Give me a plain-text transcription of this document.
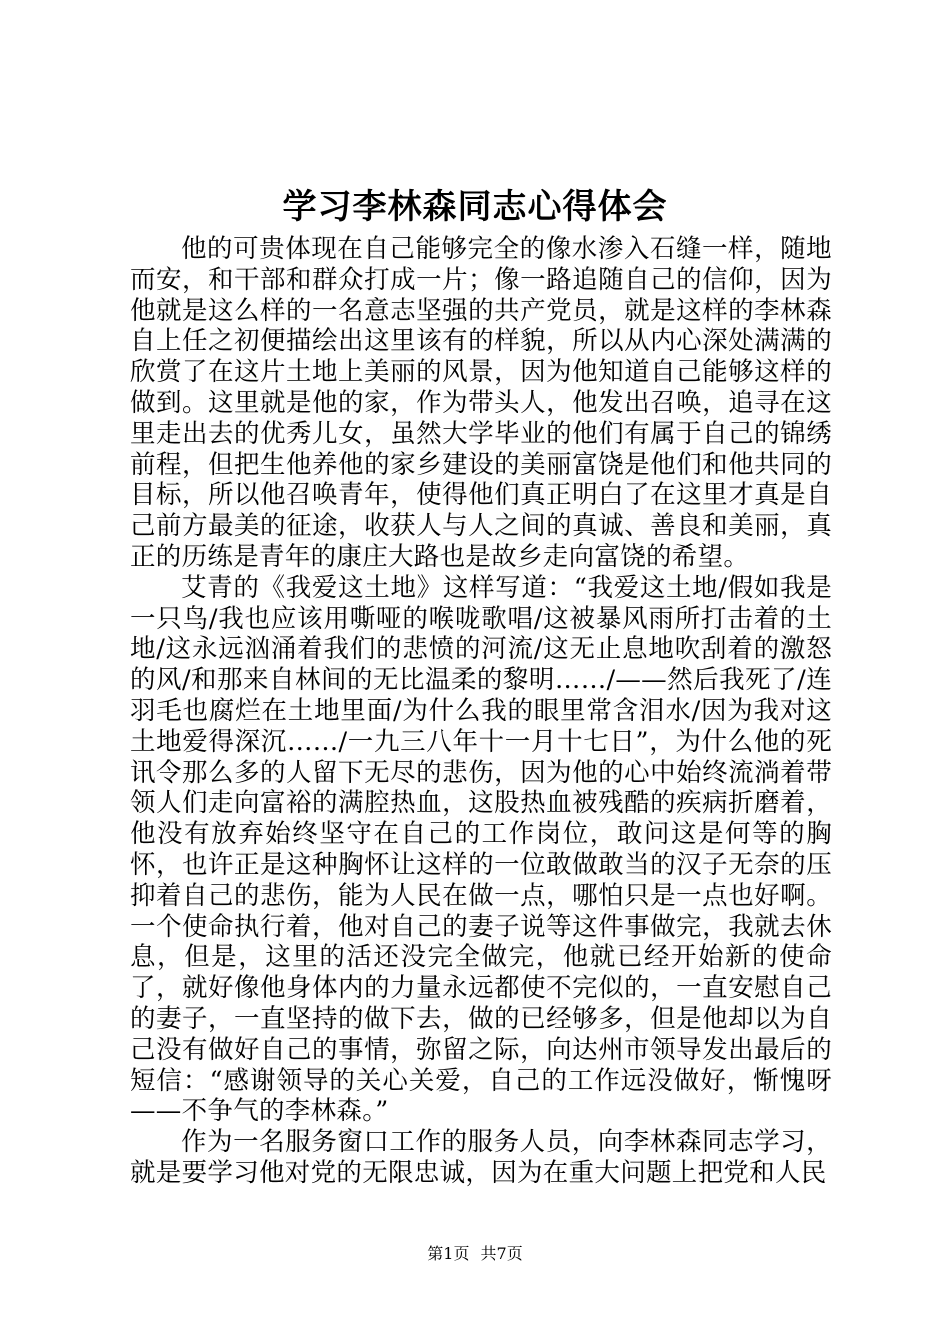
学习李林森同志心得体会

他的可贵体现在自己能够完全的像水渗入石缝一样，随地而安，和干部和群众打成一片；像一路追随自己的信仰，因为他就是这么样的一名意志坚强的共产党员，就是这样的李林森自上任之初便描绘出这里该有的样貌，所以从内心深处满满的欣赏了在这片土地上美丽的风景，因为他知道自己能够这样的做到。这里就是他的家，作为带头人，他发出召唤，追寻在这里走出去的优秀儿女，虽然大学毕业的他们有属于自己的锦绣前程，但把生他养他的家乡建设的美丽富饶是他们和他共同的目标，所以他召唤青年，使得他们真正明白了在这里才真是自己前方最美的征途，收获人与人之间的真诚、善良和美丽，真正的历练是青年的康庄大路也是故乡走向富饶的希望。

艾青的《我爱这土地》这样写道：“我爱这土地/假如我是一只鸟/我也应该用嘶哑的喉咙歌唱/这被暴风雨所打击着的土地/这永远汹涌着我们的悲愤的河流/这无止息地吹刮着的激怒的风/和那来自林间的无比温柔的黎明……/——然后我死了/连羽毛也腐烂在土地里面/为什么我的眼里常含泪水/因为我对这土地爱得深沉……/一九三八年十一月十七日”，为什么他的死讯令那么多的人留下无尽的悲伤，因为他的心中始终流淌着带领人们走向富裕的满腔热血，这股热血被残酷的疾病折磨着，他没有放弃始终坚守在自己的工作岗位，敢问这是何等的胸怀，也许正是这种胸怀让这样的一位敢做敢当的汉子无奈的压抑着自己的悲伤，能为人民在做一点，哪怕只是一点也好啊。一个使命执行着，他对自己的妻子说等这件事做完，我就去休息，但是，这里的活还没完全做完，他就已经开始新的使命了，就好像他身体内的力量永远都使不完似的，一直安慰自己的妻子，一直坚持的做下去，做的已经够多，但是他却以为自己没有做好自己的事情，弥留之际，向达州市领导发出最后的短信：“感谢领导的关心关爱，自己的工作远没做好，惭愧呀——不争气的李林森。”

作为一名服务窗口工作的服务人员，向李林森同志学习，就是要学习他对党的无限忠诚，因为在重大问题上把党和人民

第1页 共7页
